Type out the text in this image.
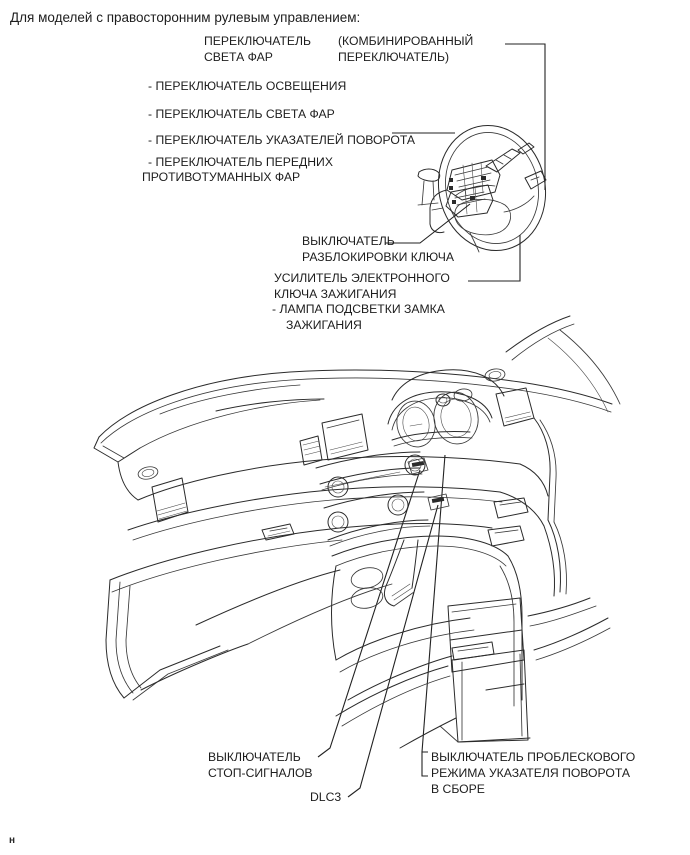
Для моделей с правосторонним рулевым управлением:
ПЕРЕКЛЮЧАТЕЛЬ
СВЕТА ФАР
(КОМБИНИРОВАННЫЙ
ПЕРЕКЛЮЧАТЕЛЬ)
- ПЕРЕКЛЮЧАТЕЛЬ ОСВЕЩЕНИЯ
- ПЕРЕКЛЮЧАТЕЛЬ СВЕТА ФАР
- ПЕРЕКЛЮЧАТЕЛЬ УКАЗАТЕЛЕЙ ПОВОРОТА
- ПЕРЕКЛЮЧАТЕЛЬ ПЕРЕДНИХ
ПРОТИВОТУМАННЫХ ФАР
ВЫКЛЮЧАТЕЛЬ
РАЗБЛОКИРОВКИ КЛЮЧА
УСИЛИТЕЛЬ ЭЛЕКТРОННОГО
КЛЮЧА ЗАЖИГАНИЯ
- ЛАМПА ПОДСВЕТКИ ЗАМКА
ЗАЖИГАНИЯ
ВЫКЛЮЧАТЕЛЬ
СТОП-СИГНАЛОВ
DLC3
ВЫКЛЮЧАТЕЛЬ ПРОБЛЕСКОВОГО
РЕЖИМА УКАЗАТЕЛЯ ПОВОРОТА
В СБОРЕ
н
